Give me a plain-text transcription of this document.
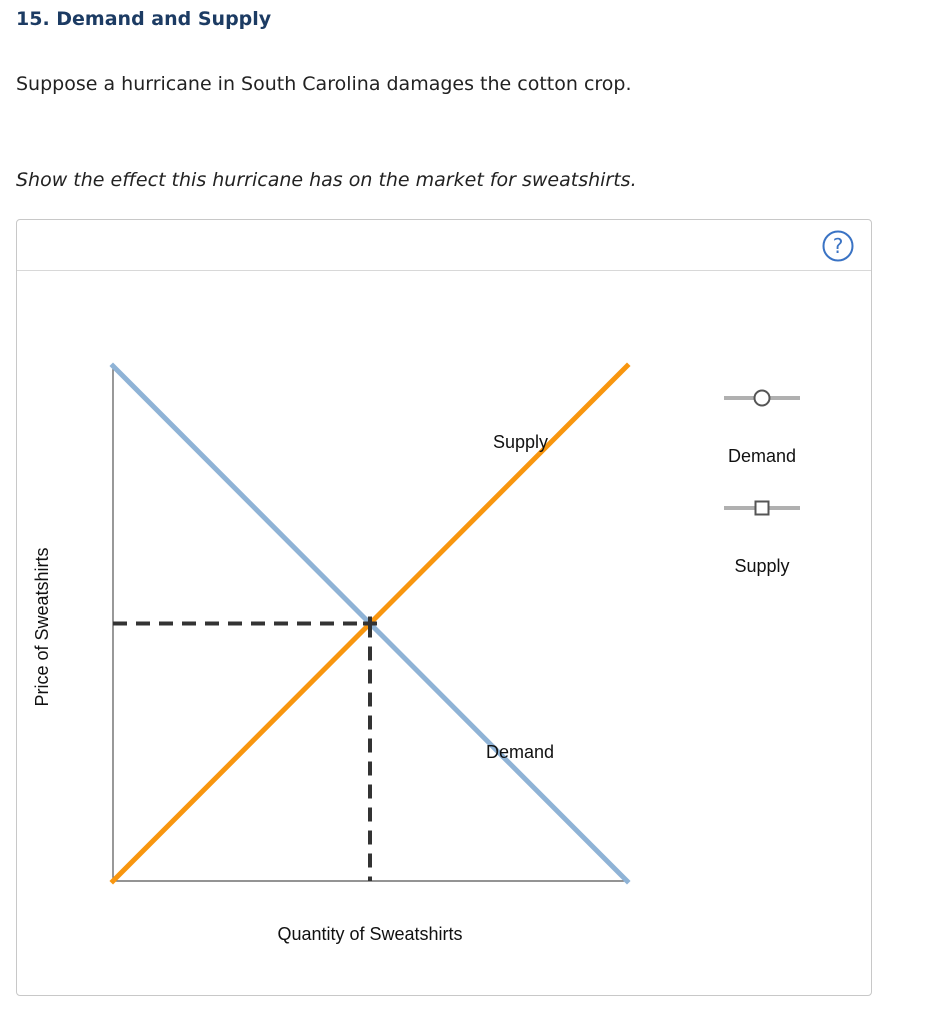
15. Demand and Supply
Suppose a hurricane in South Carolina damages the cotton crop.
Show the effect this hurricane has on the market for sweatshirts.
?
Supply
Demand
Quantity of Sweatshirts
Price of Sweatshirts
Demand
Supply
